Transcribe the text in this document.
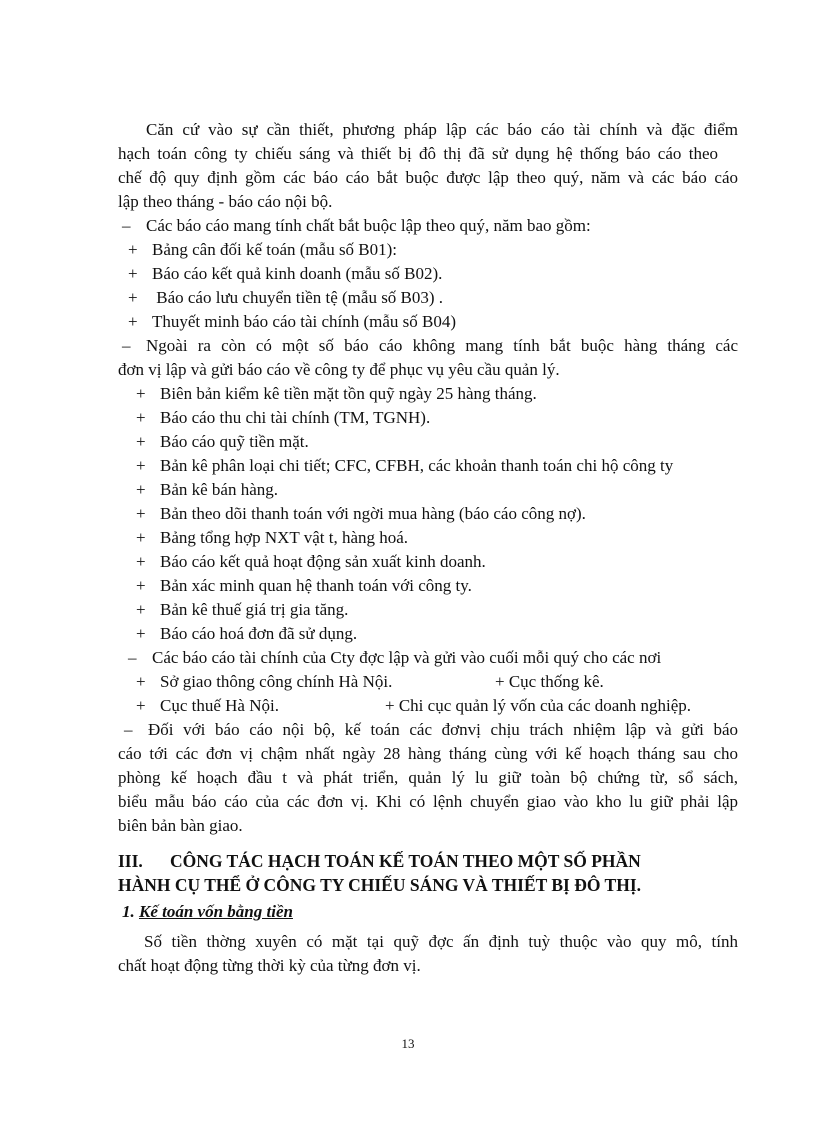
Căn cứ vào sự cần thiết, phương pháp lập các báo cáo tài chính và đặc điểm
hạch toán công ty chiếu sáng và thiết bị đô thị đã sử dụng hệ thống báo cáo theo
chế độ quy định gồm các báo cáo bắt buộc được lập theo quý, năm và các báo cáo
lập theo tháng - báo cáo nội bộ.
– Các báo cáo mang tính chất bắt buộc lập theo quý, năm bao gồm:
+ Bảng cân đối kế toán (mẫu số B01):
+ Báo cáo kết quả kinh doanh (mẫu số B02).
+ Báo cáo lưu chuyển tiền tệ (mẫu số B03) .
+ Thuyết minh báo cáo tài chính (mẫu số B04)
– Ngoài ra còn có một số báo cáo không mang tính bắt buộc hàng tháng các
đơn vị lập và gửi báo cáo về công ty để phục vụ yêu cầu quản lý.
+ Biên bản kiểm kê tiền mặt tồn quỹ ngày 25 hàng tháng.
+ Báo cáo thu chi tài chính (TM, TGNH).
+ Báo cáo quỹ tiền mặt.
+ Bản kê phân loại chi tiết; CFC, CFBH, các khoản thanh toán chi hộ công ty
+ Bản kê bán hàng.
+ Bản theo dõi thanh toán với ngời mua hàng (báo cáo công nợ).
+ Bảng tổng hợp NXT vật t, hàng hoá.
+ Báo cáo kết quả hoạt động sản xuất kinh doanh.
+ Bản xác minh quan hệ thanh toán với công ty.
+ Bản kê thuế giá trị gia tăng.
+ Báo cáo hoá đơn đã sử dụng.
– Các báo cáo tài chính của Cty đợc lập và gửi vào cuối mỗi quý cho các nơi
+ Sở giao thông công chính Hà Nội.	+ Cục thống kê.
+ Cục thuế Hà Nội.	+ Chi cục quản lý vốn của các doanh nghiệp.
– Đối với báo cáo nội bộ, kế toán các đơnvị chịu trách nhiệm lập và gửi báo
cáo tới các đơn vị chậm nhất ngày 28 hàng tháng cùng với kế hoạch tháng sau cho
phòng kế hoạch đầu t và phát triển, quản lý lu giữ toàn bộ chứng từ, sổ sách,
biểu mẫu báo cáo của các đơn vị. Khi có lệnh chuyển giao vào kho lu giữ phải lập
biên bản bàn giao.
III. CÔNG TÁC HẠCH TOÁN KẾ TOÁN THEO MỘT SỐ PHẦN
HÀNH CỤ THỂ Ở CÔNG TY CHIẾU SÁNG VÀ THIẾT BỊ ĐÔ THỊ.
1. Kế toán vốn bằng tiền
Số tiền thờng xuyên có mặt tại quỹ đợc ấn định tuỳ thuộc vào quy mô, tính
chất hoạt động từng thời kỳ của từng đơn vị.
13
